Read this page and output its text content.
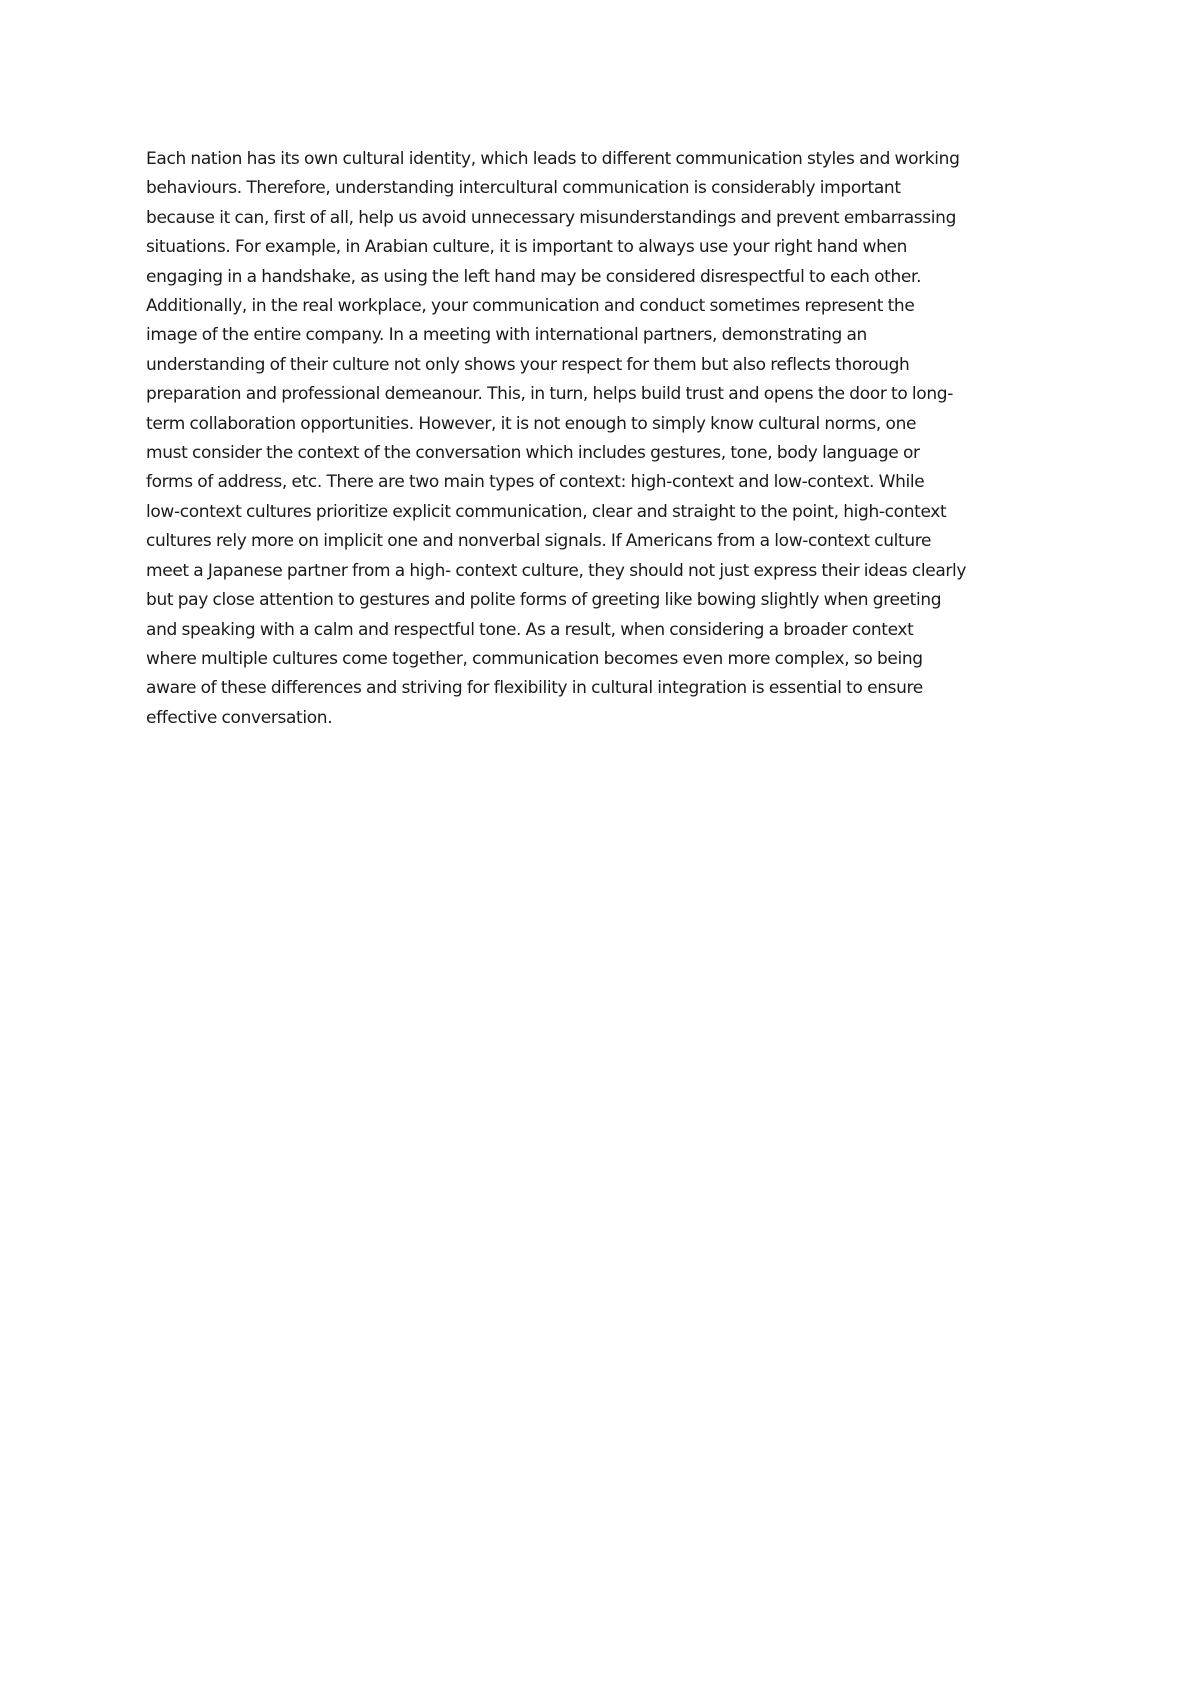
Each nation has its own cultural identity, which leads to different communication styles and working
behaviours. Therefore, understanding intercultural communication is considerably important
because it can, first of all, help us avoid unnecessary misunderstandings and prevent embarrassing
situations. For example, in Arabian culture, it is important to always use your right hand when
engaging in a handshake, as using the left hand may be considered disrespectful to each other.
Additionally, in the real workplace, your communication and conduct sometimes represent the
image of the entire company. In a meeting with international partners, demonstrating an
understanding of their culture not only shows your respect for them but also reflects thorough
preparation and professional demeanour. This, in turn, helps build trust and opens the door to long-
term collaboration opportunities. However, it is not enough to simply know cultural norms, one
must consider the context of the conversation which includes gestures, tone, body language or
forms of address, etc. There are two main types of context: high-context and low-context. While
low-context cultures prioritize explicit communication, clear and straight to the point, high-context
cultures rely more on implicit one and nonverbal signals. If Americans from a low-context culture
meet a Japanese partner from a high- context culture, they should not just express their ideas clearly
but pay close attention to gestures and polite forms of greeting like bowing slightly when greeting
and speaking with a calm and respectful tone. As a result, when considering a broader context
where multiple cultures come together, communication becomes even more complex, so being
aware of these differences and striving for flexibility in cultural integration is essential to ensure
effective conversation.
